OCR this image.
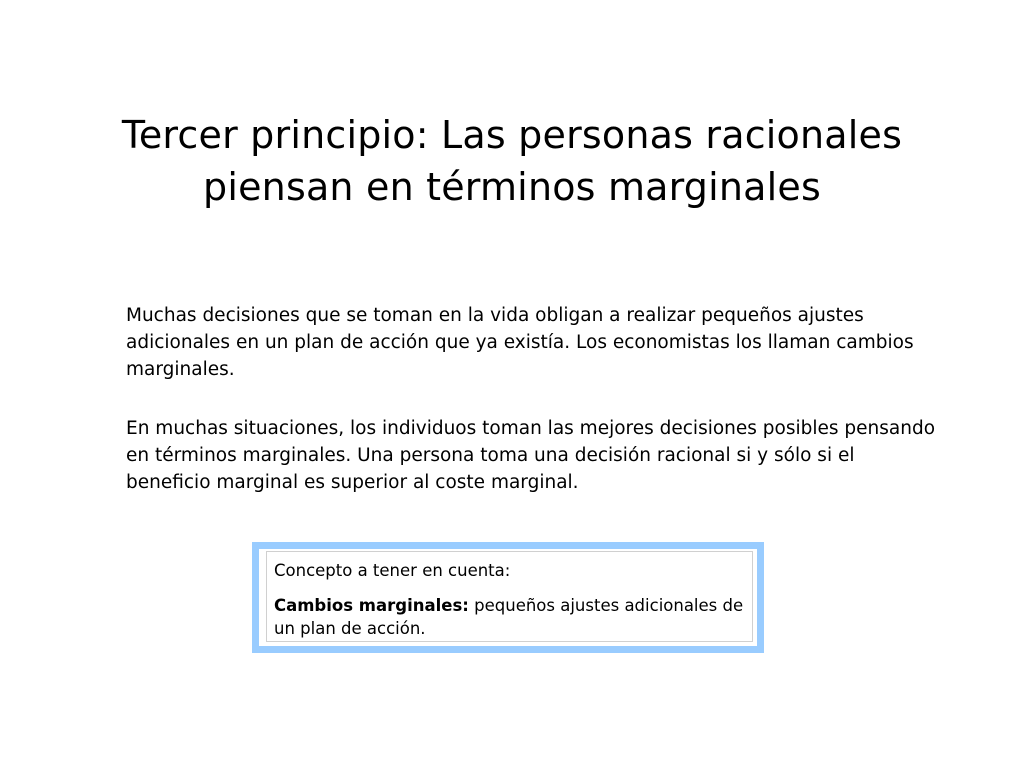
Tercer principio: Las personas racionales
piensan en términos marginales

Muchas decisiones que se toman en la vida obligan a realizar pequeños ajustes adicionales en un plan de acción que ya existía. Los economistas los llaman cambios marginales.

En muchas situaciones, los individuos toman las mejores decisiones posibles pensando en términos marginales. Una persona toma una decisión racional si y sólo si el beneficio marginal es superior al coste marginal.

Concepto a tener en cuenta:
Cambios marginales: pequeños ajustes adicionales de un plan de acción.
